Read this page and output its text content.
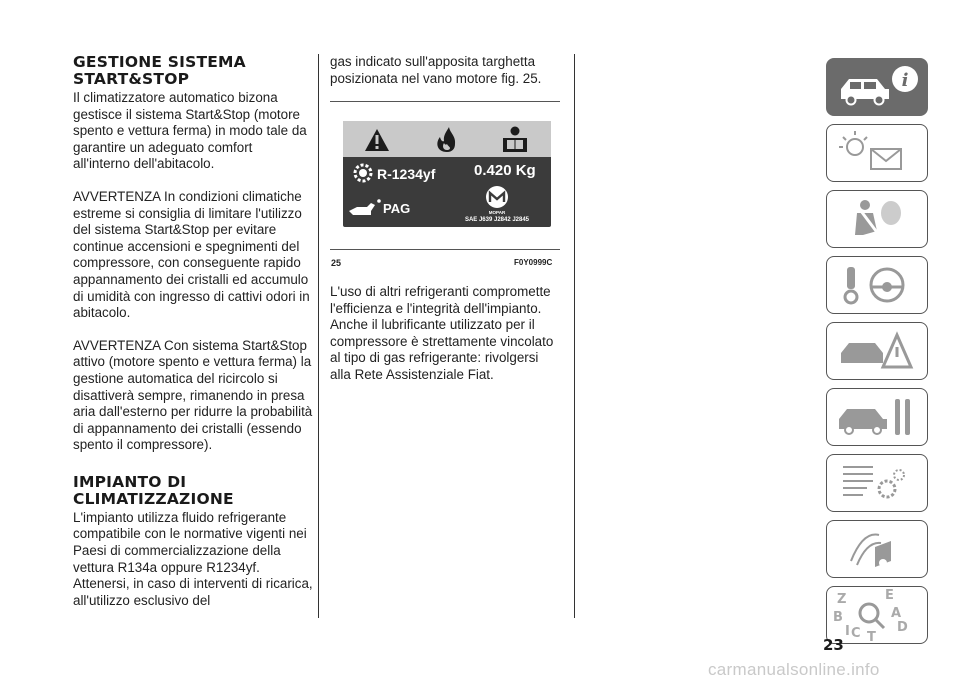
GESTIONE SISTEMA START&STOP

Il climatizzatore automatico bizona gestisce il sistema Start&Stop (motore spento e vettura ferma) in modo tale da garantire un adeguato comfort all'interno dell'abitacolo.

AVVERTENZA In condizioni climatiche estreme si consiglia di limitare l'utilizzo del sistema Start&Stop per evitare continue accensioni e spegnimenti del compressore, con conseguente rapido appannamento dei cristalli ed accumulo di umidità con ingresso di cattivi odori in abitacolo.

AVVERTENZA Con sistema Start&Stop attivo (motore spento e vettura ferma) la gestione automatica del ricircolo si disattiverà sempre, rimanendo in presa aria dall'esterno per ridurre la probabilità di appannamento dei cristalli (essendo spento il compressore).

IMPIANTO DI CLIMATIZZAZIONE

L'impianto utilizza fluido refrigerante compatibile con le normative vigenti nei Paesi di commercializzazione della vettura R134a oppure R1234yf. Attenersi, in caso di interventi di ricarica, all'utilizzo esclusivo del

gas indicato sull'apposita targhetta posizionata nel vano motore fig. 25.

R-1234yf	0.420 Kg
PAG	MOPAR
SAE J639 J2842 J2845
25	F0Y0999C

L'uso di altri refrigeranti compromette l'efficienza e l'integrità dell'impianto. Anche il lubrificante utilizzato per il compressore è strettamente vincolato al tipo di gas refrigerante: rivolgersi alla Rete Assistenziale Fiat.

i
Z	E
A
B
C T
D
I
23
carmanualsonline.info
